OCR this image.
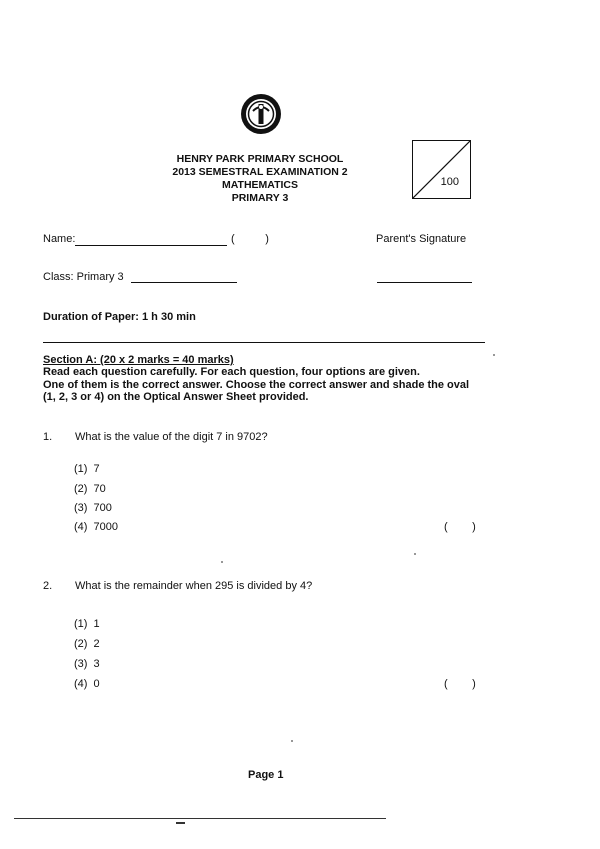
HENRY PARK PRIMARY SCHOOL
2013 SEMESTRAL EXAMINATION 2
MATHEMATICS
PRIMARY 3
100
Name:	(          )	Parent's Signature
Class: Primary 3
Duration of Paper: 1 h 30 min
Section A: (20 x 2 marks = 40 marks)
Read each question carefully. For each question, four options are given.
One of them is the correct answer. Choose the correct answer and shade the oval
(1, 2, 3 or 4) on the Optical Answer Sheet provided.
1. What is the value of the digit 7 in 9702?
(1)  7
(2)  70
(3)  700
(4)  7000	(        )
2. What is the remainder when 295 is divided by 4?
(1)  1
(2)  2
(3)  3
(4)  0	(        )
Page 1
